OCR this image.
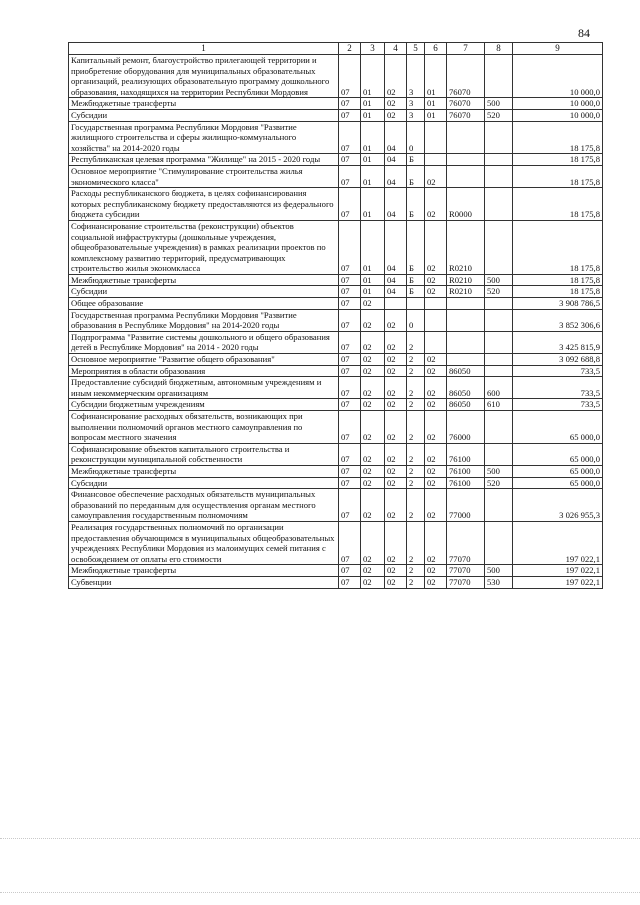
84
1	2	3	4	5	6	7	8	9
Капитальный ремонт, благоустройство прилегающей территории и приобретение оборудования для муниципальных образовательных организаций, реализующих образовательную программу дошкольного образования, находящихся на территории Республики Мордовия	07	01	02	3	01	76070		10 000,0
Межбюджетные трансферты	07	01	02	3	01	76070	500	10 000,0
Субсидии	07	01	02	3	01	76070	520	10 000,0
Государственная программа Республики Мордовия "Развитие жилищного строительства и сферы жилищно-коммунального хозяйства" на 2014-2020 годы	07	01	04	0				18 175,8
Республиканская целевая программа "Жилище" на 2015 - 2020 годы	07	01	04	Б				18 175,8
Основное мероприятие "Стимулирование строительства жилья экономического класса"	07	01	04	Б	02			18 175,8
Расходы республиканского бюджета, в целях софинансирования которых республиканскому бюджету предоставляются из федерального бюджета субсидии	07	01	04	Б	02	R0000		18 175,8
Софинансирование строительства (реконструкции) объектов социальной инфраструктуры (дошкольные учреждения, общеобразовательные учреждения) в рамках реализации проектов по комплексному развитию территорий, предусматривающих строительство жилья экономкласса	07	01	04	Б	02	R0210		18 175,8
Межбюджетные трансферты	07	01	04	Б	02	R0210	500	18 175,8
Субсидии	07	01	04	Б	02	R0210	520	18 175,8
Общее образование	07	02						3 908 786,5
Государственная программа Республики Мордовия "Развитие образования в Республике Мордовия" на 2014-2020 годы	07	02	02	0				3 852 306,6
Подпрограмма "Развитие системы дошкольного и общего образования детей в Республике Мордовия" на 2014 - 2020 годы	07	02	02	2				3 425 815,9
Основное мероприятие "Развитие общего образования"	07	02	02	2	02			3 092 688,8
Мероприятия в области образования	07	02	02	2	02	86050		733,5
Предоставление субсидий бюджетным, автономным учреждениям и иным некоммерческим организациям	07	02	02	2	02	86050	600	733,5
Субсидии бюджетным учреждениям	07	02	02	2	02	86050	610	733,5
Софинансирование расходных обязательств, возникающих при выполнении полномочий органов местного самоуправления по вопросам местного значения	07	02	02	2	02	76000		65 000,0
Софинансирование объектов капитального строительства и реконструкции муниципальной собственности	07	02	02	2	02	76100		65 000,0
Межбюджетные трансферты	07	02	02	2	02	76100	500	65 000,0
Субсидии	07	02	02	2	02	76100	520	65 000,0
Финансовое обеспечение расходных обязательств муниципальных образований по переданным для осуществления органам местного самоуправления государственным полномочиям	07	02	02	2	02	77000		3 026 955,3
Реализация государственных полномочий по организации предоставления обучающимся в муниципальных общеобразовательных учреждениях Республики Мордовия из малоимущих семей питания с освобождением от оплаты его стоимости	07	02	02	2	02	77070		197 022,1
Межбюджетные трансферты	07	02	02	2	02	77070	500	197 022,1
Субвенции	07	02	02	2	02	77070	530	197 022,1
